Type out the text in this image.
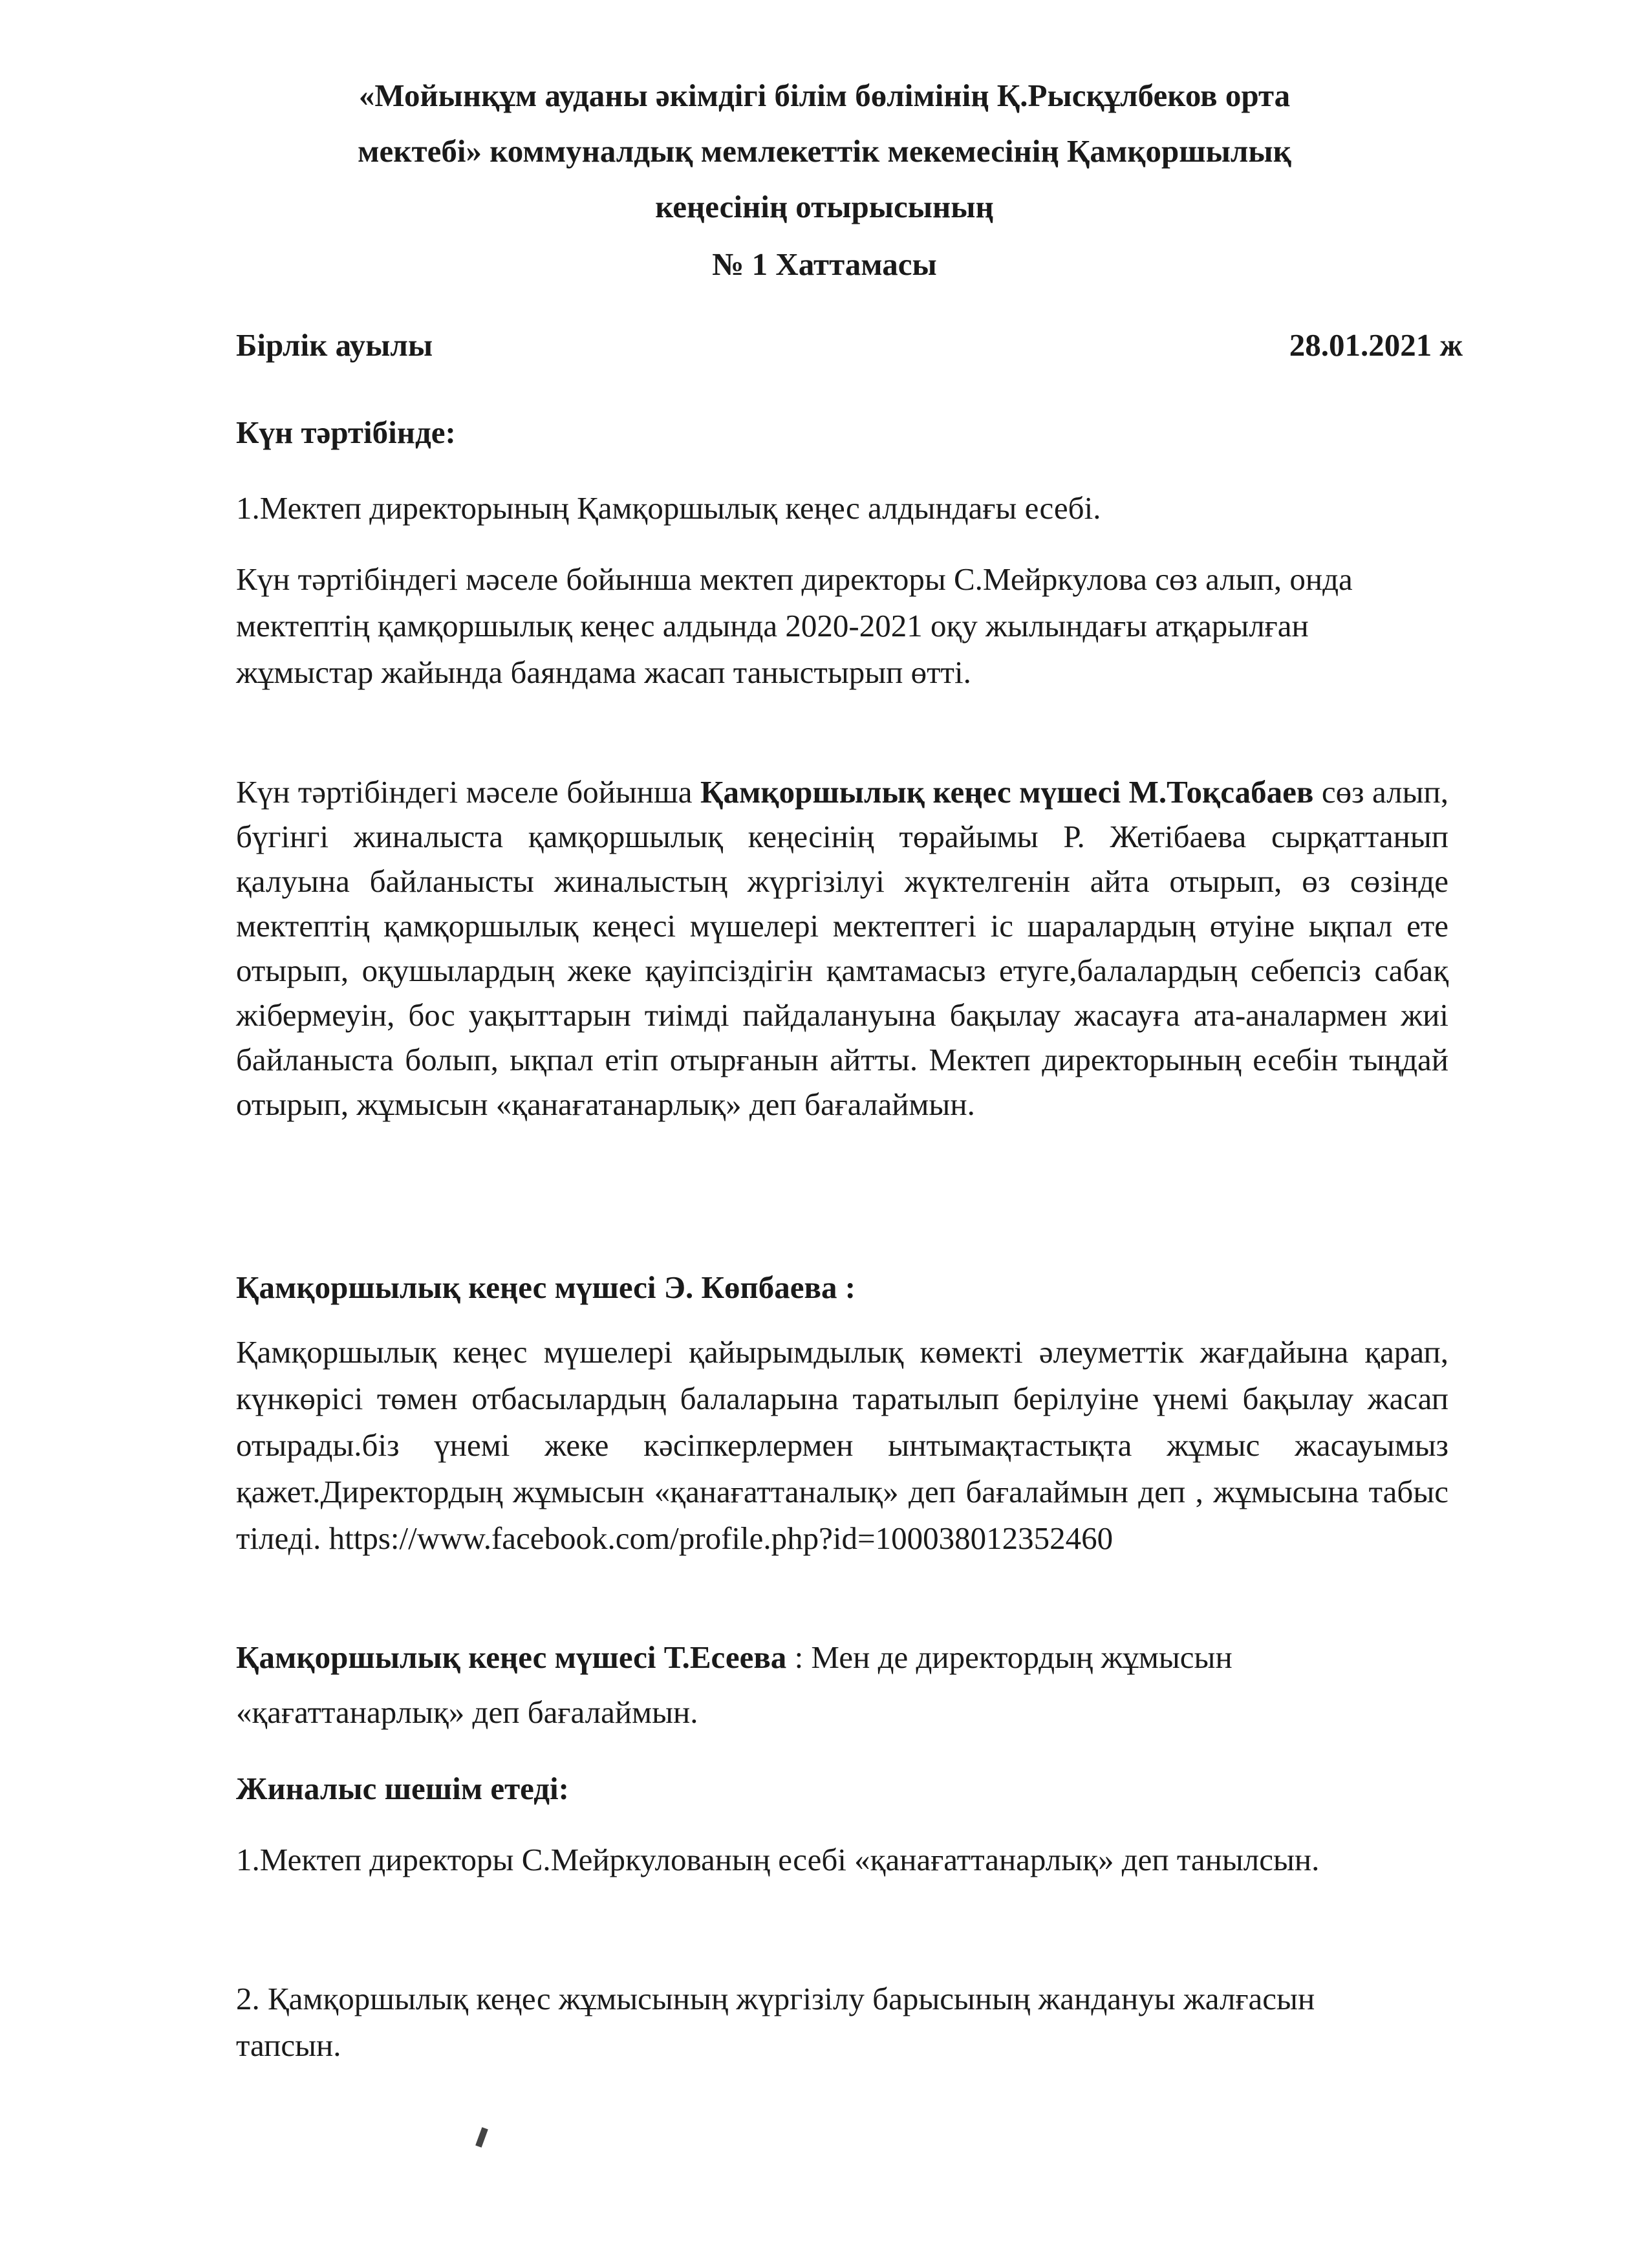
«Мойынқұм ауданы әкімдігі білім бөлімінің Қ.Рысқұлбеков орта
мектебі» коммуналдық мемлекеттік мекемесінің Қамқоршылық
кеңесінің отырысының
№ 1 Хаттамасы
Бірлік ауылы	28.01.2021 ж
Күн тәртібінде:
1.Мектеп директорының Қамқоршылық кеңес алдындағы есебі.
Күн тәртібіндегі мәселе бойынша мектеп директоры С.Мейркулова сөз алып, онда мектептің қамқоршылық кеңес алдында 2020-2021 оқу жылындағы атқарылған жұмыстар жайында баяндама жасап таныстырып өтті.
Күн тәртібіндегі мәселе бойынша Қамқоршылық кеңес мүшесі М.Тоқсабаев сөз алып, бүгінгі жиналыста қамқоршылық кеңесінің төрайымы Р. Жетібаева сырқаттанып қалуына байланысты жиналыстың жүргізілуі жүктелгенін айта отырып, өз сөзінде мектептің қамқоршылық кеңесі мүшелері мектептегі іс шаралардың өтуіне ықпал ете отырып, оқушылардың жеке қауіпсіздігін қамтамасыз етуге,балалардың себепсіз сабақ жібермеуін, бос уақыттарын тиімді пайдалануына бақылау жасауға ата-аналармен жиі байланыста болып, ықпал етіп отырғанын айтты. Мектеп директорының есебін тыңдай отырып, жұмысын «қанағатанарлық» деп бағалаймын.
Қамқоршылық кеңес мүшесі Э. Көпбаева :
Қамқоршылық кеңес мүшелері қайырымдылық көмекті әлеуметтік жағдайына қарап, күнкөрісі төмен отбасылардың балаларына таратылып берілуіне үнемі бақылау жасап отырады.біз үнемі жеке кәсіпкерлермен ынтымақтастықта жұмыс жасауымыз қажет.Директордың жұмысын «қанағаттаналық» деп бағалаймын деп , жұмысына табыс тіледі. https://www.facebook.com/profile.php?id=100038012352460
Қамқоршылық кеңес мүшесі Т.Есеева : Мен де директордың жұмысын «қағаттанарлық» деп бағалаймын.
Жиналыс шешім етеді:
1.Мектеп директоры С.Мейркулованың есебі «қанағаттанарлық» деп танылсын.
2. Қамқоршылық кеңес жұмысының жүргізілу барысының жандануы жалғасын тапсын.
